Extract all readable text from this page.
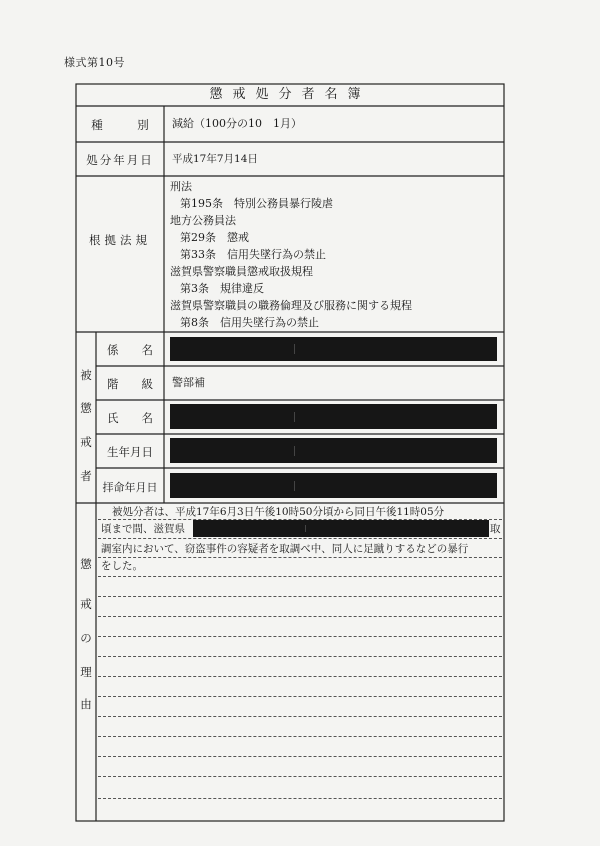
様式第10号
懲戒処分者名簿
種　　　別	減給（100分の10　1月）
処分年月日	平成17年7月14日
根拠法規
刑法
第195条　特別公務員暴行陵虐
地方公務員法
第29条　懲戒
第33条　信用失墜行為の禁止
滋賀県警察職員懲戒取扱規程
第3条　規律違反
滋賀県警察職員の職務倫理及び服務に関する規程
第8条　信用失墜行為の禁止
被
懲
戒
者
係　　名
階　　級	警部補
氏　　名
生年月日
拝命年月日
懲
戒
の
理
由
被処分者は、平成17年6月3日午後10時50分頃から同日午後11時05分
頃まで間、滋賀県	取
調室内において、窃盗事件の容疑者を取調べ中、同人に足蹴りするなどの暴行
をした。
